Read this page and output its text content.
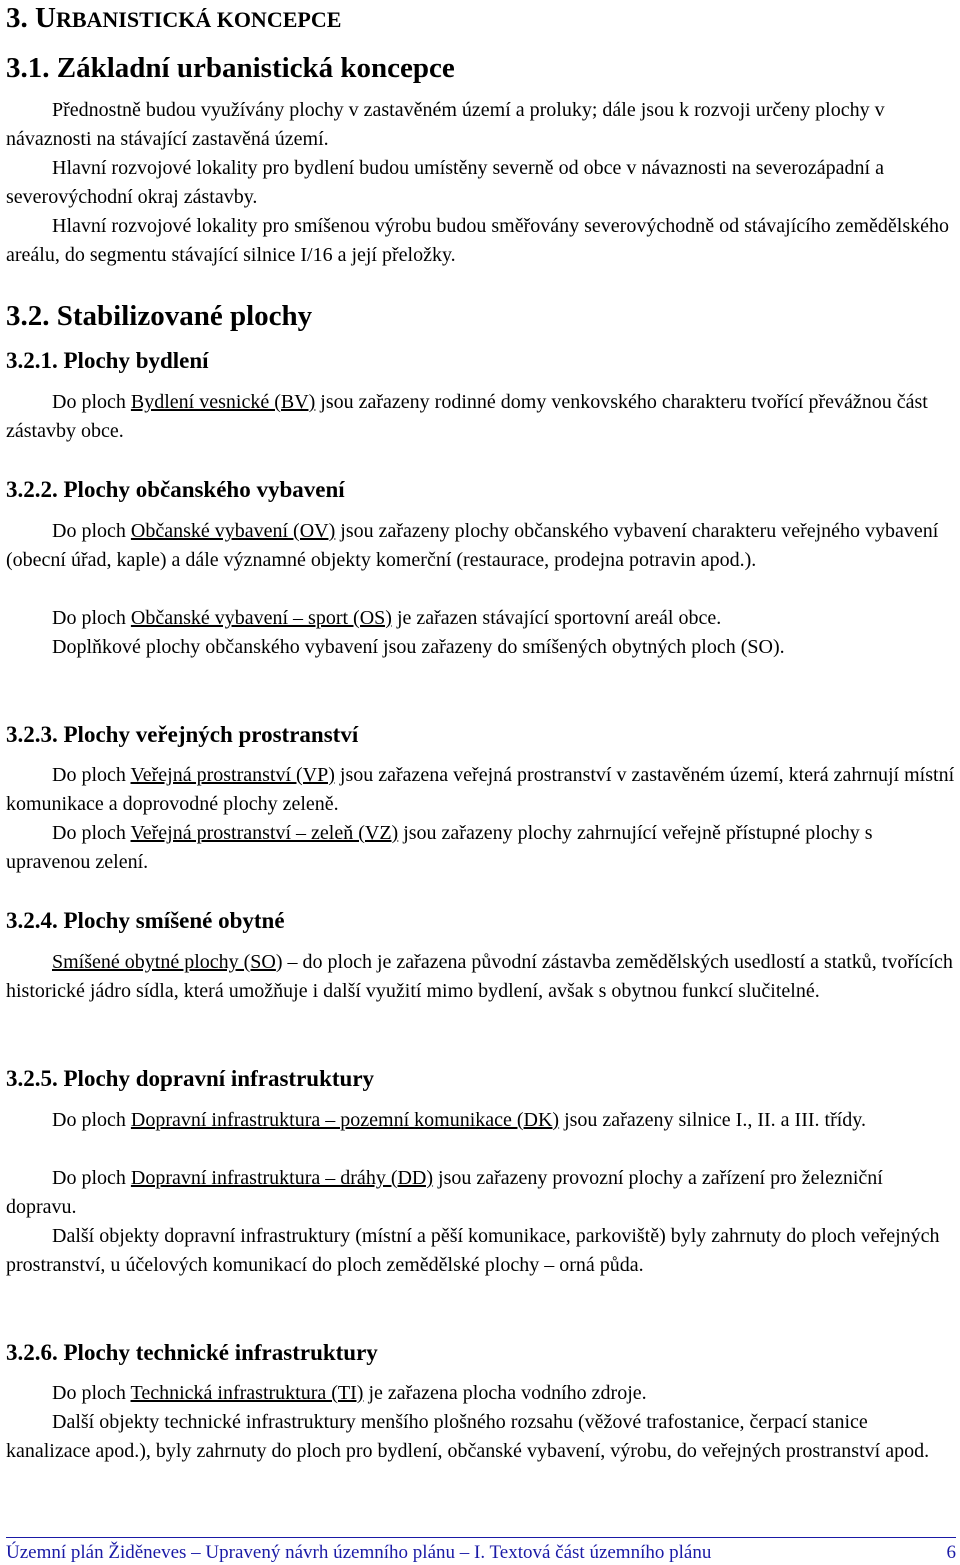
3. URBANISTICKÁ KONCEPCE
3.1. Základní urbanistická koncepce

Přednostně budou využívány plochy v zastavěném území a proluky; dále jsou k rozvoji určeny plochy v návaznosti na stávající zastavěná území.

Hlavní rozvojové lokality pro bydlení budou umístěny severně od obce v návaznosti na severozápadní a severovýchodní okraj zástavby.

Hlavní rozvojové lokality pro smíšenou výrobu budou směřovány severovýchodně od stávajícího zemědělského areálu, do segmentu stávající silnice I/16 a její přeložky.

3.2. Stabilizované plochy
3.2.1. Plochy bydlení

Do ploch Bydlení vesnické (BV) jsou zařazeny rodinné domy venkovského charakteru tvořící převážnou část zástavby obce.

3.2.2. Plochy občanského vybavení

Do ploch Občanské vybavení (OV) jsou zařazeny plochy občanského vybavení charakteru veřejného vybavení (obecní úřad, kaple) a dále významné objekty komerční (restaurace, prodejna potravin apod.).

Do ploch Občanské vybavení – sport (OS) je zařazen stávající sportovní areál obce.

Doplňkové plochy občanského vybavení jsou zařazeny do smíšených obytných ploch (SO).

3.2.3. Plochy veřejných prostranství

Do ploch Veřejná prostranství (VP) jsou zařazena veřejná prostranství v zastavěném území, která zahrnují místní komunikace a doprovodné plochy zeleně.

Do ploch Veřejná prostranství – zeleň (VZ) jsou zařazeny plochy zahrnující veřejně přístupné plochy s upravenou zelení.

3.2.4. Plochy smíšené obytné

Smíšené obytné plochy (SO) – do ploch je zařazena původní zástavba zemědělských usedlostí a statků, tvořících historické jádro sídla, která umožňuje i další využití mimo bydlení, avšak s obytnou funkcí slučitelné.

3.2.5. Plochy dopravní infrastruktury

Do ploch Dopravní infrastruktura – pozemní komunikace (DK) jsou zařazeny silnice I., II. a III. třídy.

Do ploch Dopravní infrastruktura – dráhy (DD) jsou zařazeny provozní plochy a zařízení pro železniční dopravu.

Další objekty dopravní infrastruktury (místní a pěší komunikace, parkoviště) byly zahrnuty do ploch veřejných prostranství, u účelových komunikací do ploch zemědělské plochy – orná půda.

3.2.6. Plochy technické infrastruktury

Do ploch Technická infrastruktura (TI) je zařazena plocha vodního zdroje.

Další objekty technické infrastruktury menšího plošného rozsahu (věžové trafostanice, čerpací stanice kanalizace apod.), byly zahrnuty do ploch pro bydlení, občanské vybavení, výrobu, do veřejných prostranství apod.

Územní plán Židěneves – Upravený návrh územního plánu – I. Textová část územního plánu	6
